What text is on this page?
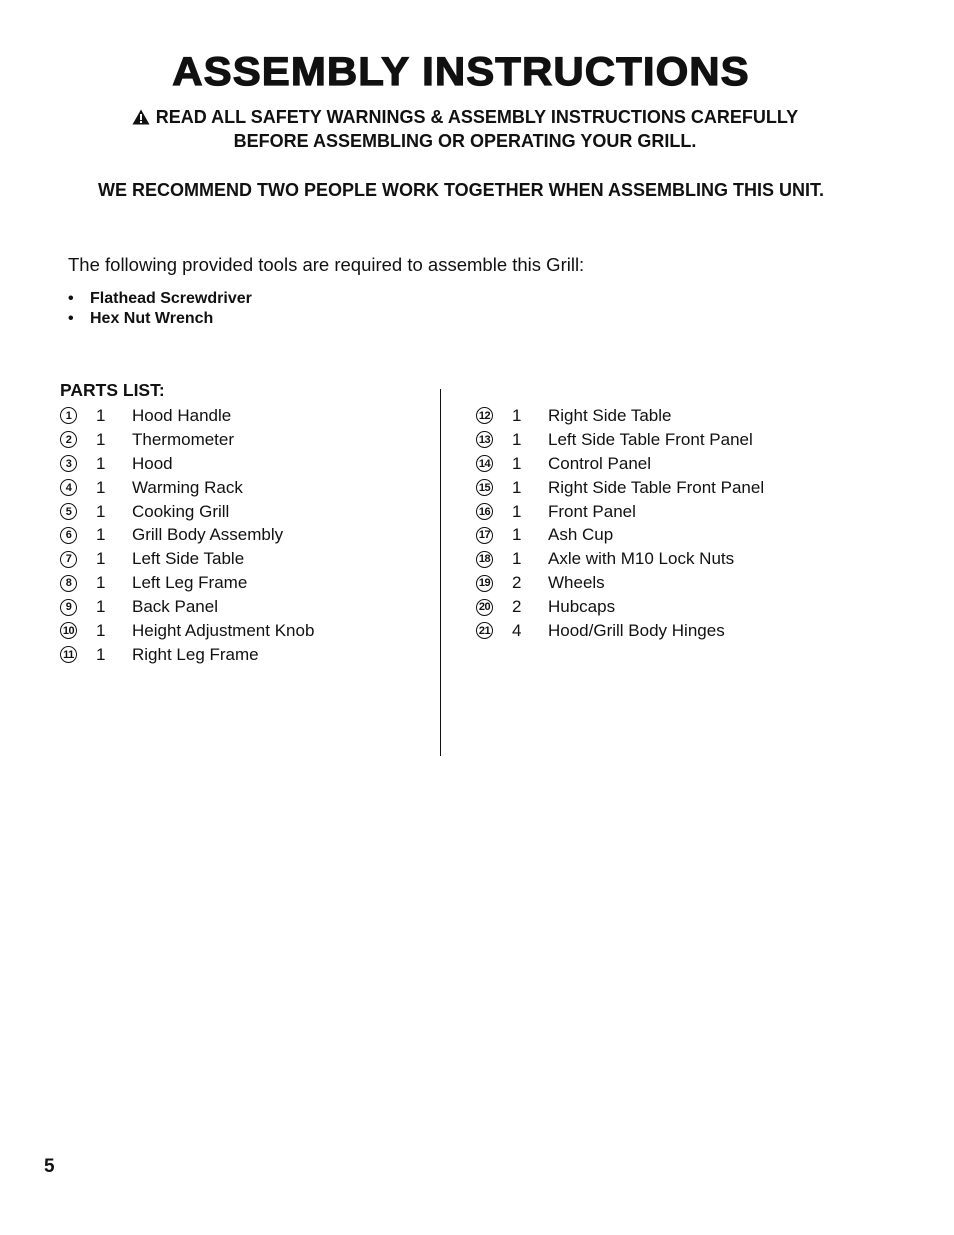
ASSEMBLY INSTRUCTIONS
READ ALL SAFETY WARNINGS & ASSEMBLY INSTRUCTIONS CAREFULLY
BEFORE ASSEMBLING OR OPERATING YOUR GRILL.
WE RECOMMEND TWO PEOPLE WORK TOGETHER WHEN ASSEMBLING THIS UNIT.
The following provided tools are required to assemble this Grill:
•	Flathead Screwdriver
•	Hex Nut Wrench
PARTS LIST:
1	1 Hood Handle
2	1 Thermometer
3	1 Hood
4	1 Warming Rack
5	1 Cooking Grill
6	1 Grill Body Assembly
7	1 Left Side Table
8	1 Left Leg Frame
9	1 Back Panel
10 1 Height Adjustment Knob
11 1 Right Leg Frame
12 1 Right Side Table
13 1 Left Side Table Front Panel
14 1 Control Panel
15 1 Right Side Table Front Panel
16 1 Front Panel
17 1 Ash Cup
18 1 Axle with M10 Lock Nuts
19 2 Wheels
20 2 Hubcaps
21 4 Hood/Grill Body Hinges
5
